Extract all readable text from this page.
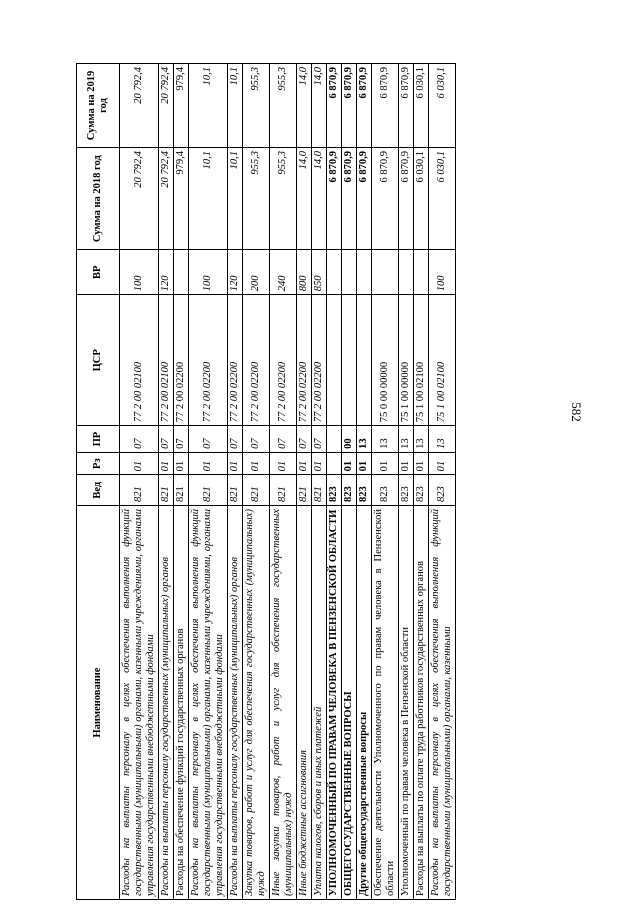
582
Наименование	Вед	Рз	ПР	ЦСР	ВР	Сумма на 2018 год	Сумма на 2019 год
Расходы на выплаты персоналу в целях обеспечения выполнения функций государственными (муниципальными) органами, казенными учреждениями, органами управления государственными внебюджетными фондами	821	01	07	77 2 00 02100	100	20 792,4	20 792,4
Расходы на выплаты персоналу государственных (муниципальных) органов	821	01	07	77 2 00 02100	120	20 792,4	20 792,4
Расходы на обеспечение функций государственных органов	821	01	07	77 2 00 02200		979,4	979,4
Расходы на выплаты персоналу в целях обеспечения выполнения функций государственными (муниципальными) органами, казенными учреждениями, органами управления государственными внебюджетными фондами	821	01	07	77 2 00 02200	100	10,1	10,1
Расходы на выплаты персоналу государственных (муниципальных) органов	821	01	07	77 2 00 02200	120	10,1	10,1
Закупка товаров, работ и услуг для обеспечения государственных (муниципальных) нужд	821	01	07	77 2 00 02200	200	955,3	955,3
Иные закупки товаров, работ и услуг для обеспечения государственных (муниципальных) нужд	821	01	07	77 2 00 02200	240	955,3	955,3
Иные бюджетные ассигнования	821	01	07	77 2 00 02200	800	14,0	14,0
Уплата налогов, сборов и иных платежей	821	01	07	77 2 00 02200	850	14,0	14,0
УПОЛНОМОЧЕННЫЙ ПО ПРАВАМ ЧЕЛОВЕКА В ПЕНЗЕНСКОЙ ОБЛАСТИ	823					6 870,9	6 870,9
ОБЩЕГОСУДАРСТВЕННЫЕ ВОПРОСЫ	823	01	00			6 870,9	6 870,9
Другие общегосударственные вопросы	823	01	13			6 870,9	6 870,9
Обеспечение деятельности Уполномоченного по правам человека в Пензенской области	823	01	13	75 0 00 00000		6 870,9	6 870,9
Уполномоченный по правам человека в Пензенской области	823	01	13	75 1 00 00000		6 870,9	6 870,9
Расходы на выплаты по оплате труда работников государственных органов	823	01	13	75 1 00 02100		6 030,1	6 030,1
Расходы на выплаты персоналу в целях обеспечения выполнения функций государственными (муниципальными) органами, казенными	823	01	13	75 1 00 02100	100	6 030,1	6 030,1
